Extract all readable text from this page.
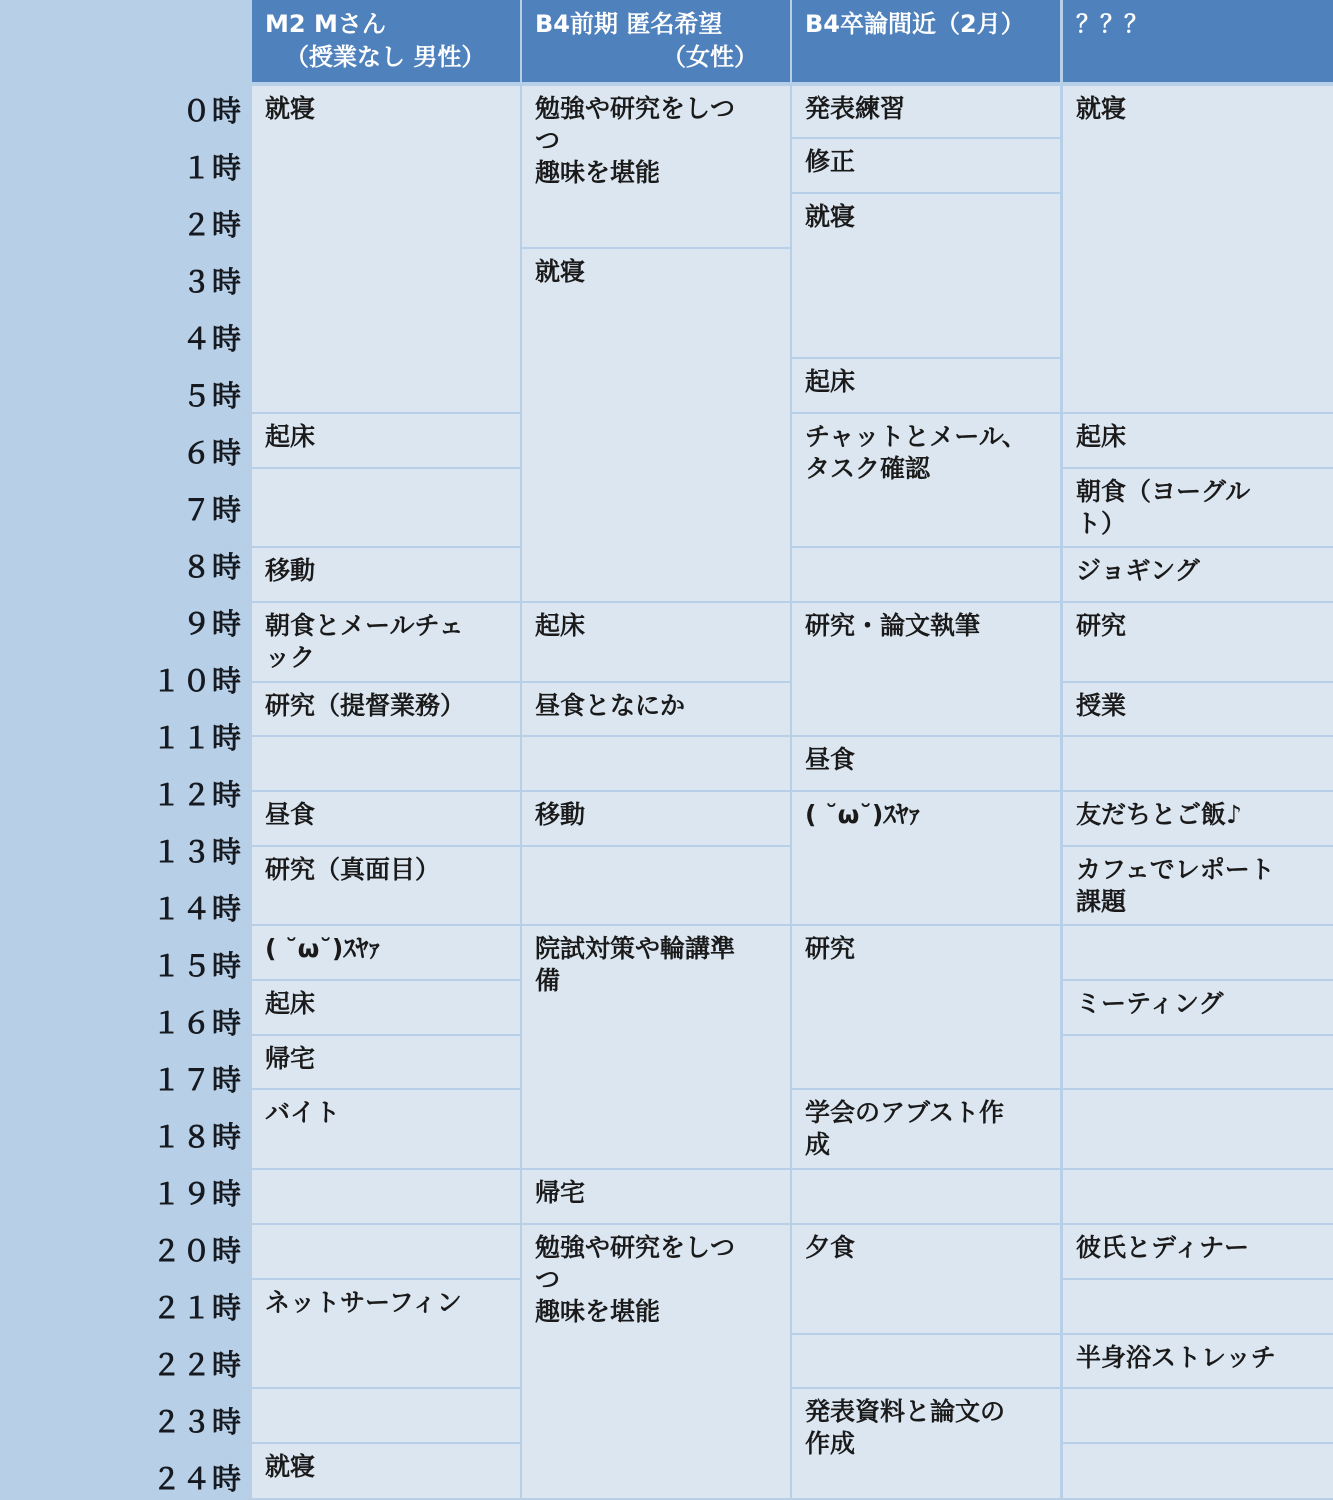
０時
１時
２時
３時
４時
５時
６時
７時
８時
９時
１０時
１１時
１２時
１３時
１４時
１５時
１６時
１７時
１８時
１９時
２０時
２１時
２２時
２３時
２４時
M2 Mさん
（授業なし 男性）
B4前期 匿名希望
（女性）
B4卒論間近（2月）	？？？
就寝
起床
移動
朝食とメールチェ
ック
研究（提督業務）
昼食
研究（真面目）
( ˘ω˘)ｽﾔｧ
起床
帰宅
バイト
ネットサーフィン
就寝
勉強や研究をしつ
つ
趣味を堪能
就寝
起床
昼食となにか
移動
院試対策や輪講準
備
帰宅
勉強や研究をしつ
つ
趣味を堪能
発表練習
修正
就寝
起床
チャットとメール、
タスク確認
研究・論文執筆
昼食
( ˘ω˘)ｽﾔｧ
研究
学会のアブスト作
成
夕食
発表資料と論文の
作成
就寝
起床
朝食（ヨーグル
ト）
ジョギング
研究
授業
友だちとご飯♪
カフェでレポート
課題
ミーティング
彼氏とディナー
半身浴ストレッチ
